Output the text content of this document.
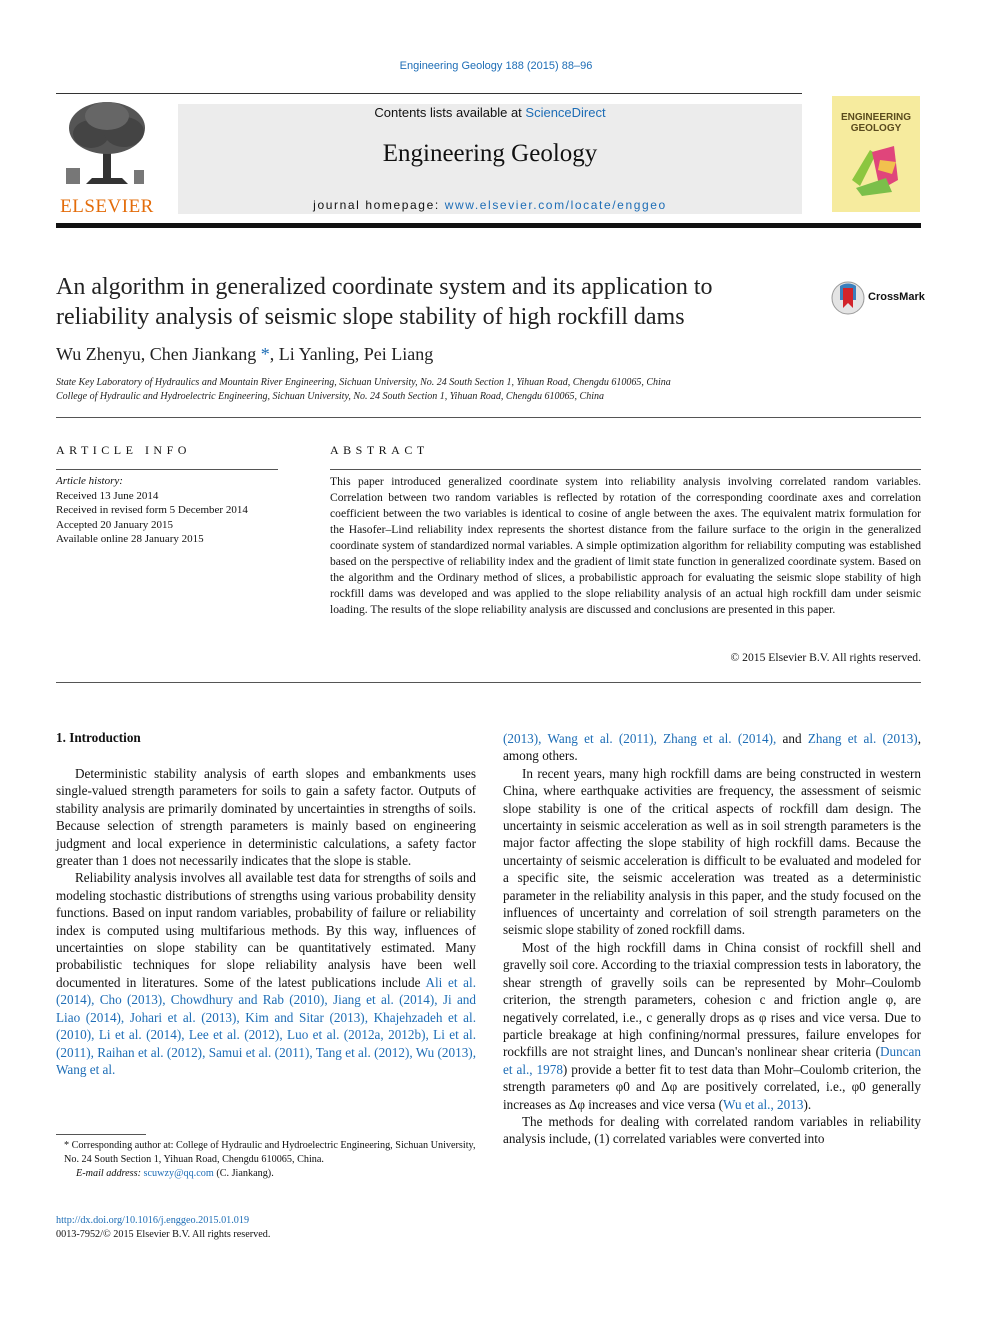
Engineering Geology 188 (2015) 88–96
ELSEVIER
Contents lists available at ScienceDirect
Engineering Geology
journal homepage: www.elsevier.com/locate/enggeo
ENGINEERING
GEOLOGY
An algorithm in generalized coordinate system and its application to
reliability analysis of seismic slope stability of high rockfill dams
CrossMark
Wu Zhenyu, Chen Jiankang *, Li Yanling, Pei Liang
State Key Laboratory of Hydraulics and Mountain River Engineering, Sichuan University, No. 24 South Section 1, Yihuan Road, Chengdu 610065, China
College of Hydraulic and Hydroelectric Engineering, Sichuan University, No. 24 South Section 1, Yihuan Road, Chengdu 610065, China
ARTICLE INFO
Article history:
Received 13 June 2014
Received in revised form 5 December 2014
Accepted 20 January 2015
Available online 28 January 2015
ABSTRACT
This paper introduced generalized coordinate system into reliability analysis involving correlated random variables. Correlation between two random variables is reflected by rotation of the corresponding coordinate axes and correlation coefficient between the two variables is identical to cosine of angle between the axes. The equivalent matrix formulation for the Hasofer–Lind reliability index represents the shortest distance from the failure surface to the origin in the generalized coordinate system of standardized normal variables. A simple optimization algorithm for reliability computing was established based on the perspective of reliability index and the gradient of limit state function in generalized coordinate system. Based on the algorithm and the Ordinary method of slices, a probabilistic approach for evaluating the seismic slope stability of high rockfill dams was developed and was applied to the slope reliability analysis of an actual high rockfill dam under seismic loading. The results of the slope reliability analysis are discussed and conclusions are presented in this paper.
© 2015 Elsevier B.V. All rights reserved.
1. Introduction

Deterministic stability analysis of earth slopes and embankments uses single-valued strength parameters for soils to gain a safety factor. Outputs of stability analysis are primarily dominated by uncertainties in strengths of soils. Because selection of strength parameters is mainly based on engineering judgment and local experience in deterministic calculations, a safety factor greater than 1 does not necessarily indicates that the slope is stable.

Reliability analysis involves all available test data for strengths of soils and modeling stochastic distributions of strengths using various probability density functions. Based on input random variables, probability of failure or reliability index is computed using multifarious methods. By this way, influences of uncertainties on slope stability can be quantitatively estimated. Many probabilistic techniques for slope reliability analysis have been well documented in literatures. Some of the latest publications include Ali et al. (2014), Cho (2013), Chowdhury and Rab (2010), Jiang et al. (2014), Ji and Liao (2014), Johari et al. (2013), Kim and Sitar (2013), Khajehzadeh et al. (2010), Li et al. (2014), Lee et al. (2012), Luo et al. (2012a, 2012b), Li et al. (2011), Raihan et al. (2012), Samui et al. (2011), Tang et al. (2012), Wu (2013), Wang et al.

(2013), Wang et al. (2011), Zhang et al. (2014), and Zhang et al. (2013), among others.

In recent years, many high rockfill dams are being constructed in western China, where earthquake activities are frequency, the assessment of seismic slope stability is one of the critical aspects of rockfill dam design. The uncertainty in seismic acceleration as well as in soil strength parameters is the major factor affecting the slope stability of high rockfill dams. Because the uncertainty of seismic acceleration is difficult to be evaluated and modeled for a specific site, the seismic acceleration was treated as a deterministic parameter in the reliability analysis in this paper, and the study focused on the influences of uncertainty and correlation of soil strength parameters on the seismic slope stability of zoned rockfill dams.

Most of the high rockfill dams in China consist of rockfill shell and gravelly soil core. According to the triaxial compression tests in laboratory, the shear strength of gravelly soils can be represented by Mohr–Coulomb criterion, the strength parameters, cohesion c and friction angle φ, are negatively correlated, i.e., c generally drops as φ rises and vice versa. Due to particle breakage at high confining/normal pressures, failure envelopes for rockfills are not straight lines, and Duncan's nonlinear shear criteria (Duncan et al., 1978) provide a better fit to test data than Mohr–Coulomb criterion, the strength parameters φ0 and Δφ are positively correlated, i.e., φ0 generally increases as Δφ increases and vice versa (Wu et al., 2013).

The methods for dealing with correlated random variables in reliability analysis include, (1) correlated variables were converted into

* Corresponding author at: College of Hydraulic and Hydroelectric Engineering, Sichuan University, No. 24 South Section 1, Yihuan Road, Chengdu 610065, China.
E-mail address: scuwzy@qq.com (C. Jiankang).
http://dx.doi.org/10.1016/j.enggeo.2015.01.019
0013-7952/© 2015 Elsevier B.V. All rights reserved.
